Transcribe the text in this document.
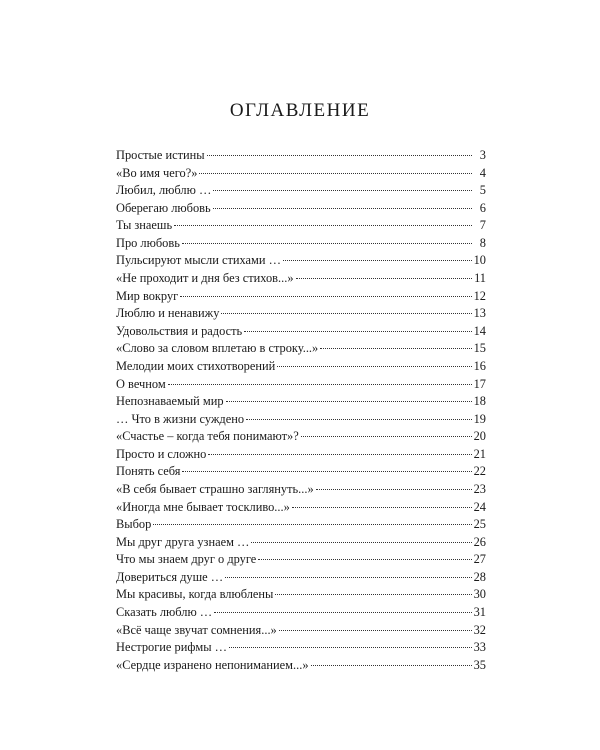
ОГЛАВЛЕНИЕ
Простые истины	3
«Во имя чего?»	4
Любил, люблю …	5
Оберегаю любовь	6
Ты знаешь	7
Про любовь	8
Пульсируют мысли стихами …	10
«Не проходит и дня без стихов...»	11
Мир вокруг	12
Люблю и ненавижу	13
Удовольствия и радость	14
«Слово за словом вплетаю в строку...»	15
Мелодии моих стихотворений	16
О вечном	17
Непознаваемый мир	18
… Что в жизни суждено	19
«Счастье – когда тебя понимают»?	20
Просто и сложно	21
Понять себя	22
«В себя бывает страшно заглянуть...»	23
«Иногда мне бывает тоскливо...»	24
Выбор	25
Мы друг друга узнаем …	26
Что мы знаем друг о друге	27
Довериться душе …	28
Мы красивы, когда влюблены	30
Сказать люблю …	31
«Всё чаще звучат сомнения...»	32
Нестрогие рифмы …	33
«Сердце изранено непониманием...»	35
